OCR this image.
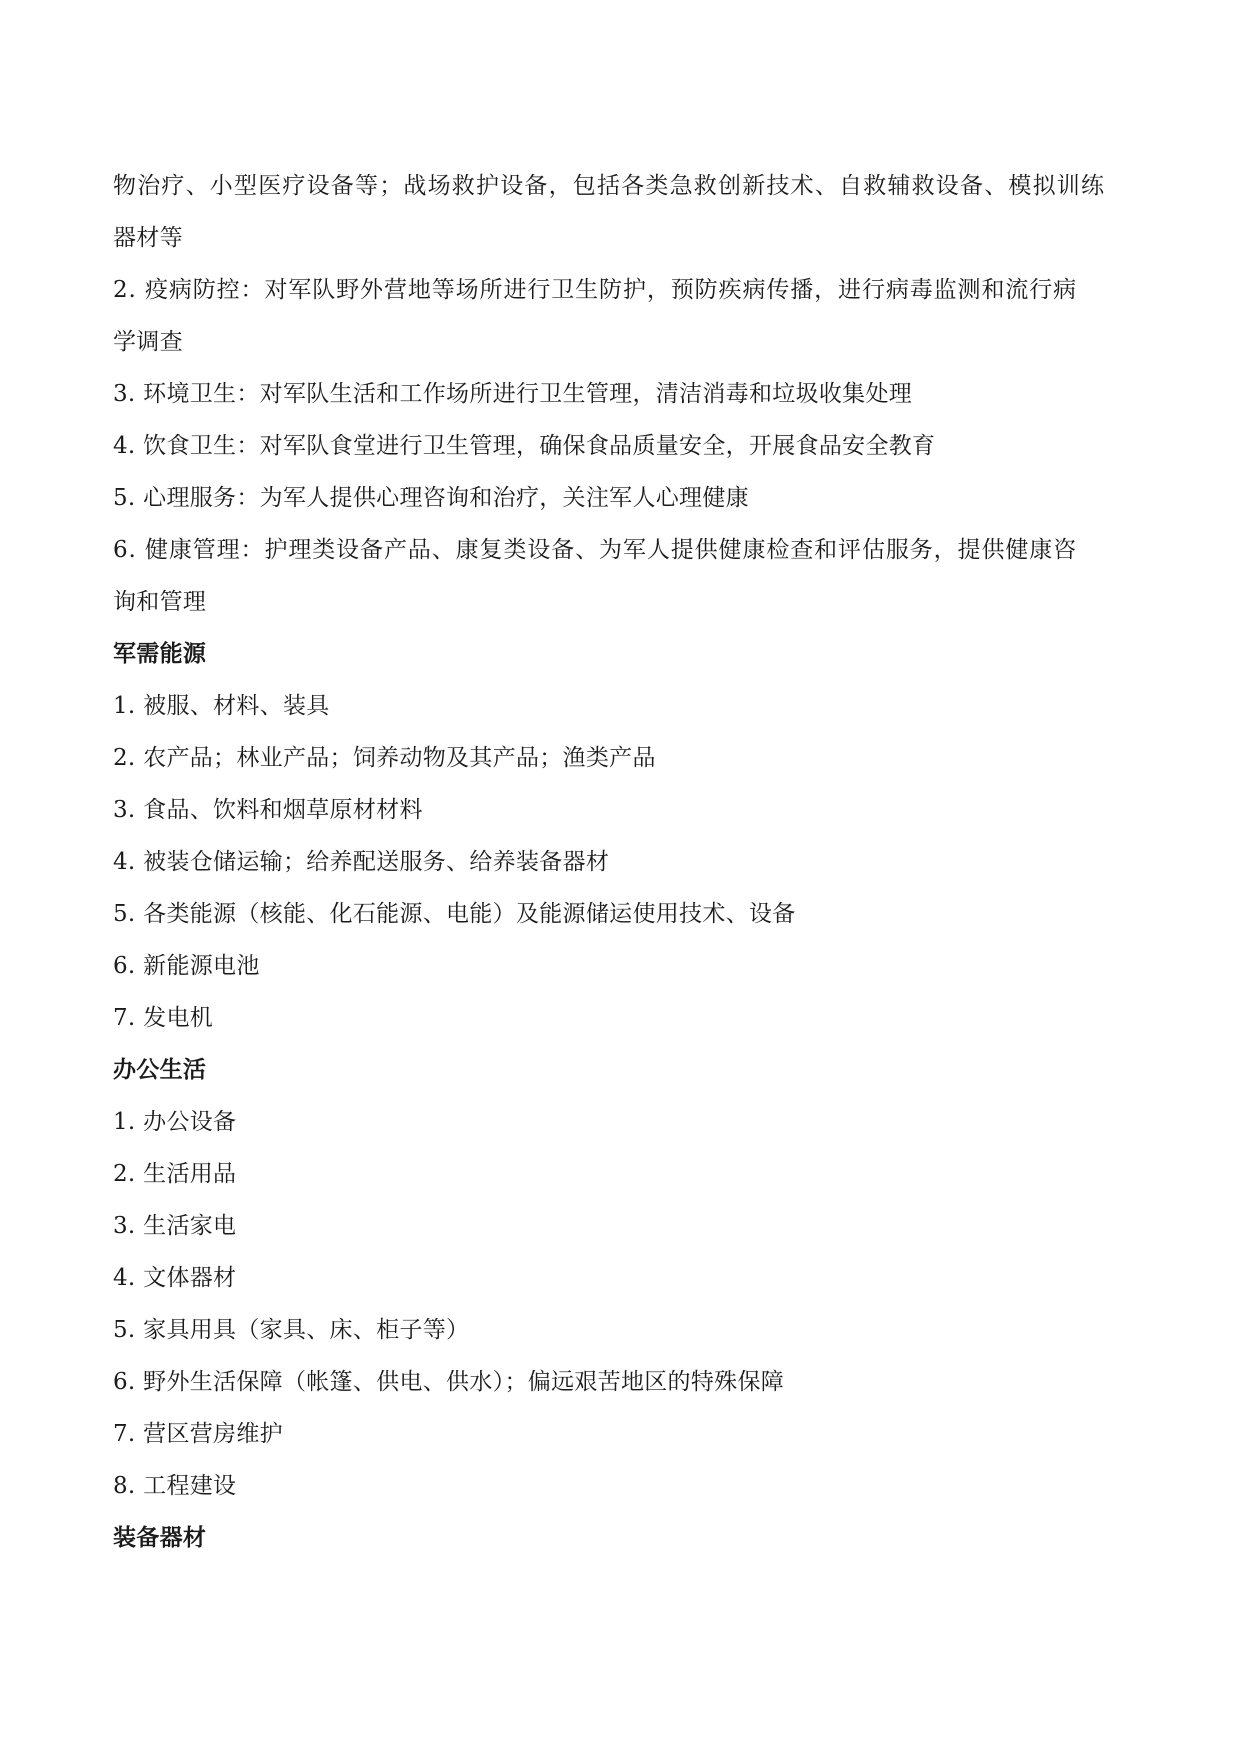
物治疗、小型医疗设备等；战场救护设备，包括各类急救创新技术、自救辅救设备、模拟训练
器材等
2. 疫病防控：对军队野外营地等场所进行卫生防护，预防疾病传播，进行病毒监测和流行病
学调查
3. 环境卫生：对军队生活和工作场所进行卫生管理，清洁消毒和垃圾收集处理
4. 饮食卫生：对军队食堂进行卫生管理，确保食品质量安全，开展食品安全教育
5. 心理服务：为军人提供心理咨询和治疗，关注军人心理健康
6. 健康管理：护理类设备产品、康复类设备、为军人提供健康检查和评估服务，提供健康咨
询和管理
军需能源
1. 被服、材料、装具
2. 农产品；林业产品；饲养动物及其产品；渔类产品
3. 食品、饮料和烟草原材材料
4. 被装仓储运输；给养配送服务、给养装备器材
5. 各类能源（核能、化石能源、电能）及能源储运使用技术、设备
6. 新能源电池
7. 发电机
办公生活
1. 办公设备
2. 生活用品
3. 生活家电
4. 文体器材
5. 家具用具（家具、床、柜子等）
6. 野外生活保障（帐篷、供电、供水）；偏远艰苦地区的特殊保障
7. 营区营房维护
8. 工程建设
装备器材
